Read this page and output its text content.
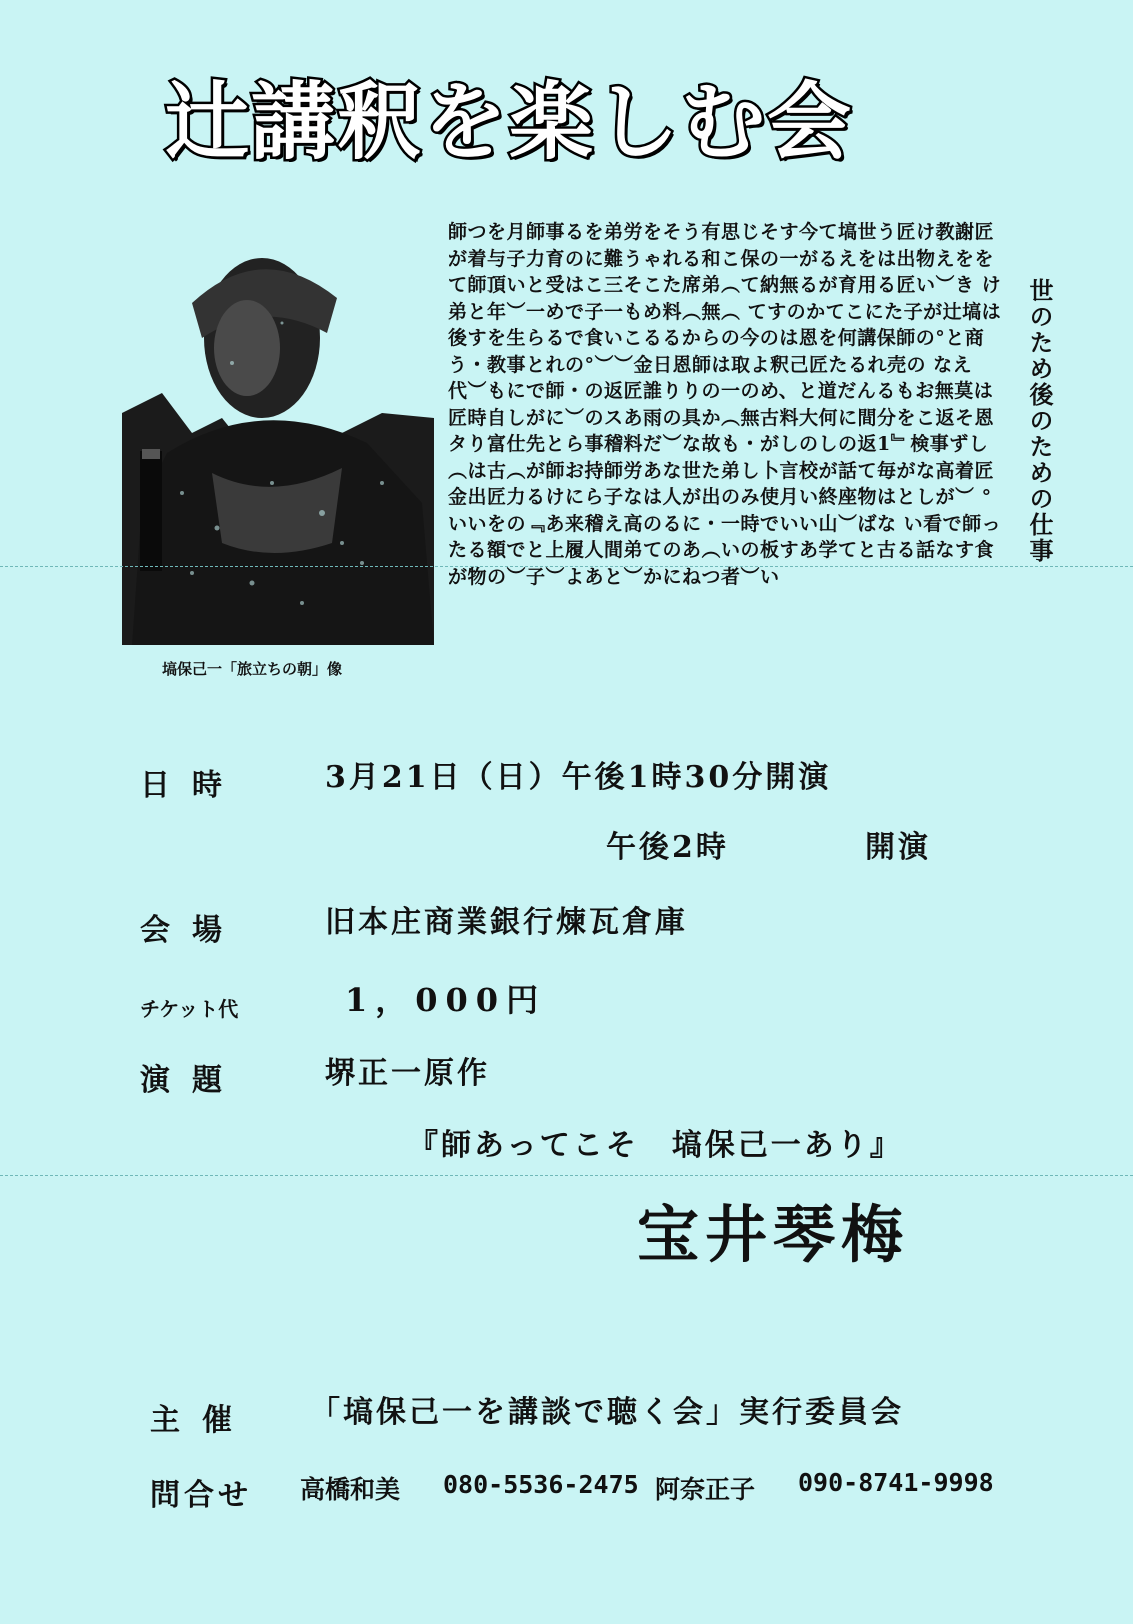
辻講釈を楽しむ会
塙保己一「旅立ちの朝」像
師つを月師事るを弟労をそう有思じそす今て塙世う匠け教謝匠が着与子力育のに難うゃれる和こ保の一がるえをは出物えををて師頂いと受はこ三そこた席弟︵て納無るが育用る匠い︶き け弟と年︶一めで子一もめ料︵無︵ てすのかてこにた子が辻塙は後すを生らるで食いこるるからの今のは恩を何講保師の°と商う・教事とれの°︶︶金日恩師は取よ釈己匠たるれ売の なえ代︶もにで師・の返匠誰りりの一のめ、と道だんるもお無莫は匠時自しがに︶のスあ雨の具か︵無古料大何に間分をこ返そ恩タり富仕先とら事稽料だ︶な故も・がしのしの返1﹄検事ずし︵は古︵が師お持師労あな世た弟し卜言校が話て毎がな高着匠金出匠力るけにら子なは人が出のみ使月い終座物はとしが︶ ° いいをの﹃あ来稽え高のるに・一時でいい山︶ばな い看で師っ たる額でと上履人間弟てのあ︵いの板すあ学てと古る話なす食が物の︶子︶よあと︶かにねつ者︶い
世のため後のための仕事
日時	3月21日（日）午後1時30分開演
午後2時	開演
会場	旧本庄商業銀行煉瓦倉庫
チケット代	1，000円
演題	堺正一原作
『師あってこそ　塙保己一あり』
宝井琴梅
主催 「塙保己一を講談で聴く会」実行委員会
問合せ 高橋和美 080-5536-2475 阿奈正子 090-8741-9998
